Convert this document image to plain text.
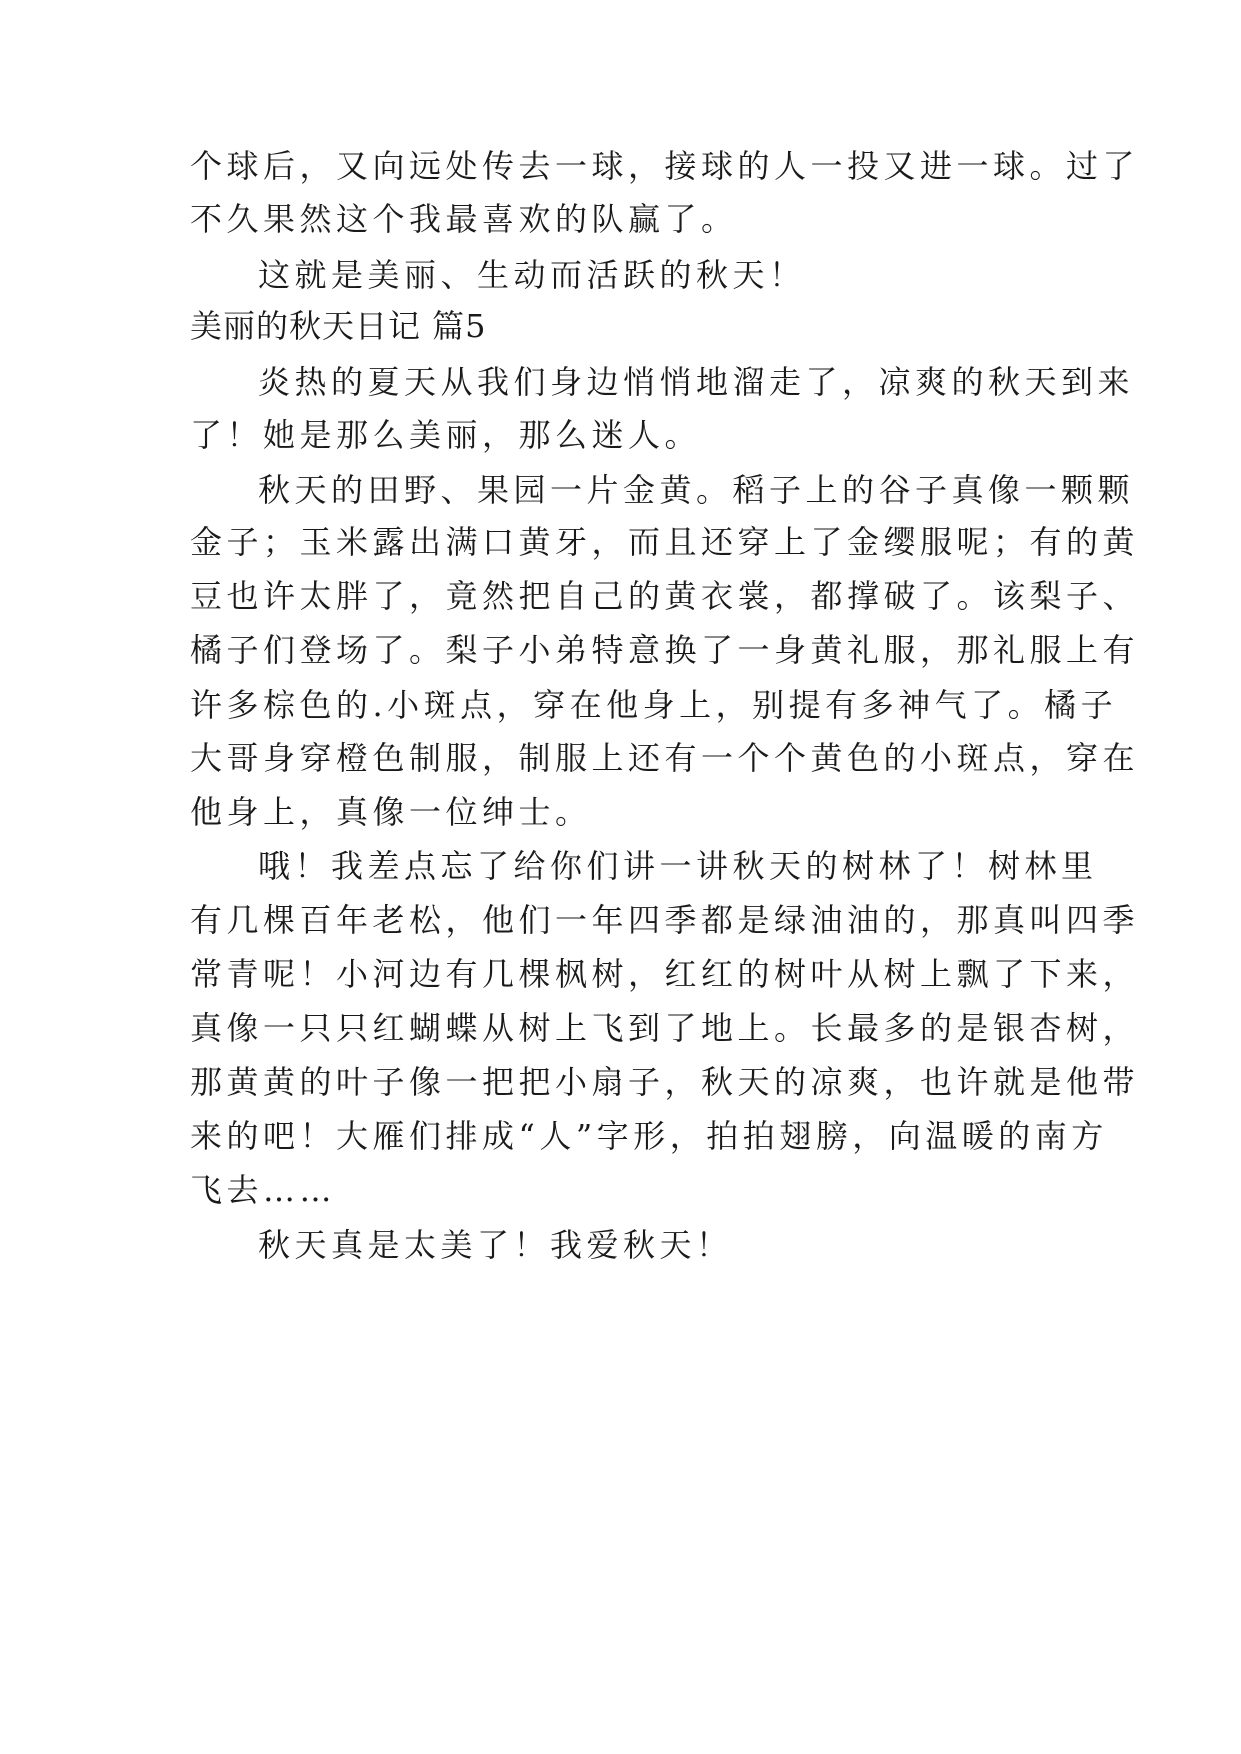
个球后，又向远处传去一球，接球的人一投又进一球。过了
不久果然这个我最喜欢的队赢了。
这就是美丽、生动而活跃的秋天！
美丽的秋天日记 篇5
炎热的夏天从我们身边悄悄地溜走了，凉爽的秋天到来
了！她是那么美丽，那么迷人。
秋天的田野、果园一片金黄。稻子上的谷子真像一颗颗
金子；玉米露出满口黄牙，而且还穿上了金缨服呢；有的黄
豆也许太胖了，竟然把自己的黄衣裳，都撑破了。该梨子、
橘子们登场了。梨子小弟特意换了一身黄礼服，那礼服上有
许多棕色的.小斑点，穿在他身上，别提有多神气了。橘子
大哥身穿橙色制服，制服上还有一个个黄色的小斑点，穿在
他身上，真像一位绅士。
哦！我差点忘了给你们讲一讲秋天的树林了！树林里
有几棵百年老松，他们一年四季都是绿油油的，那真叫四季
常青呢！小河边有几棵枫树，红红的树叶从树上飘了下来，
真像一只只红蝴蝶从树上飞到了地上。长最多的是银杏树，
那黄黄的叶子像一把把小扇子，秋天的凉爽，也许就是他带
来的吧！大雁们排成“人”字形，拍拍翅膀，向温暖的南方
飞去……
秋天真是太美了！我爱秋天！
